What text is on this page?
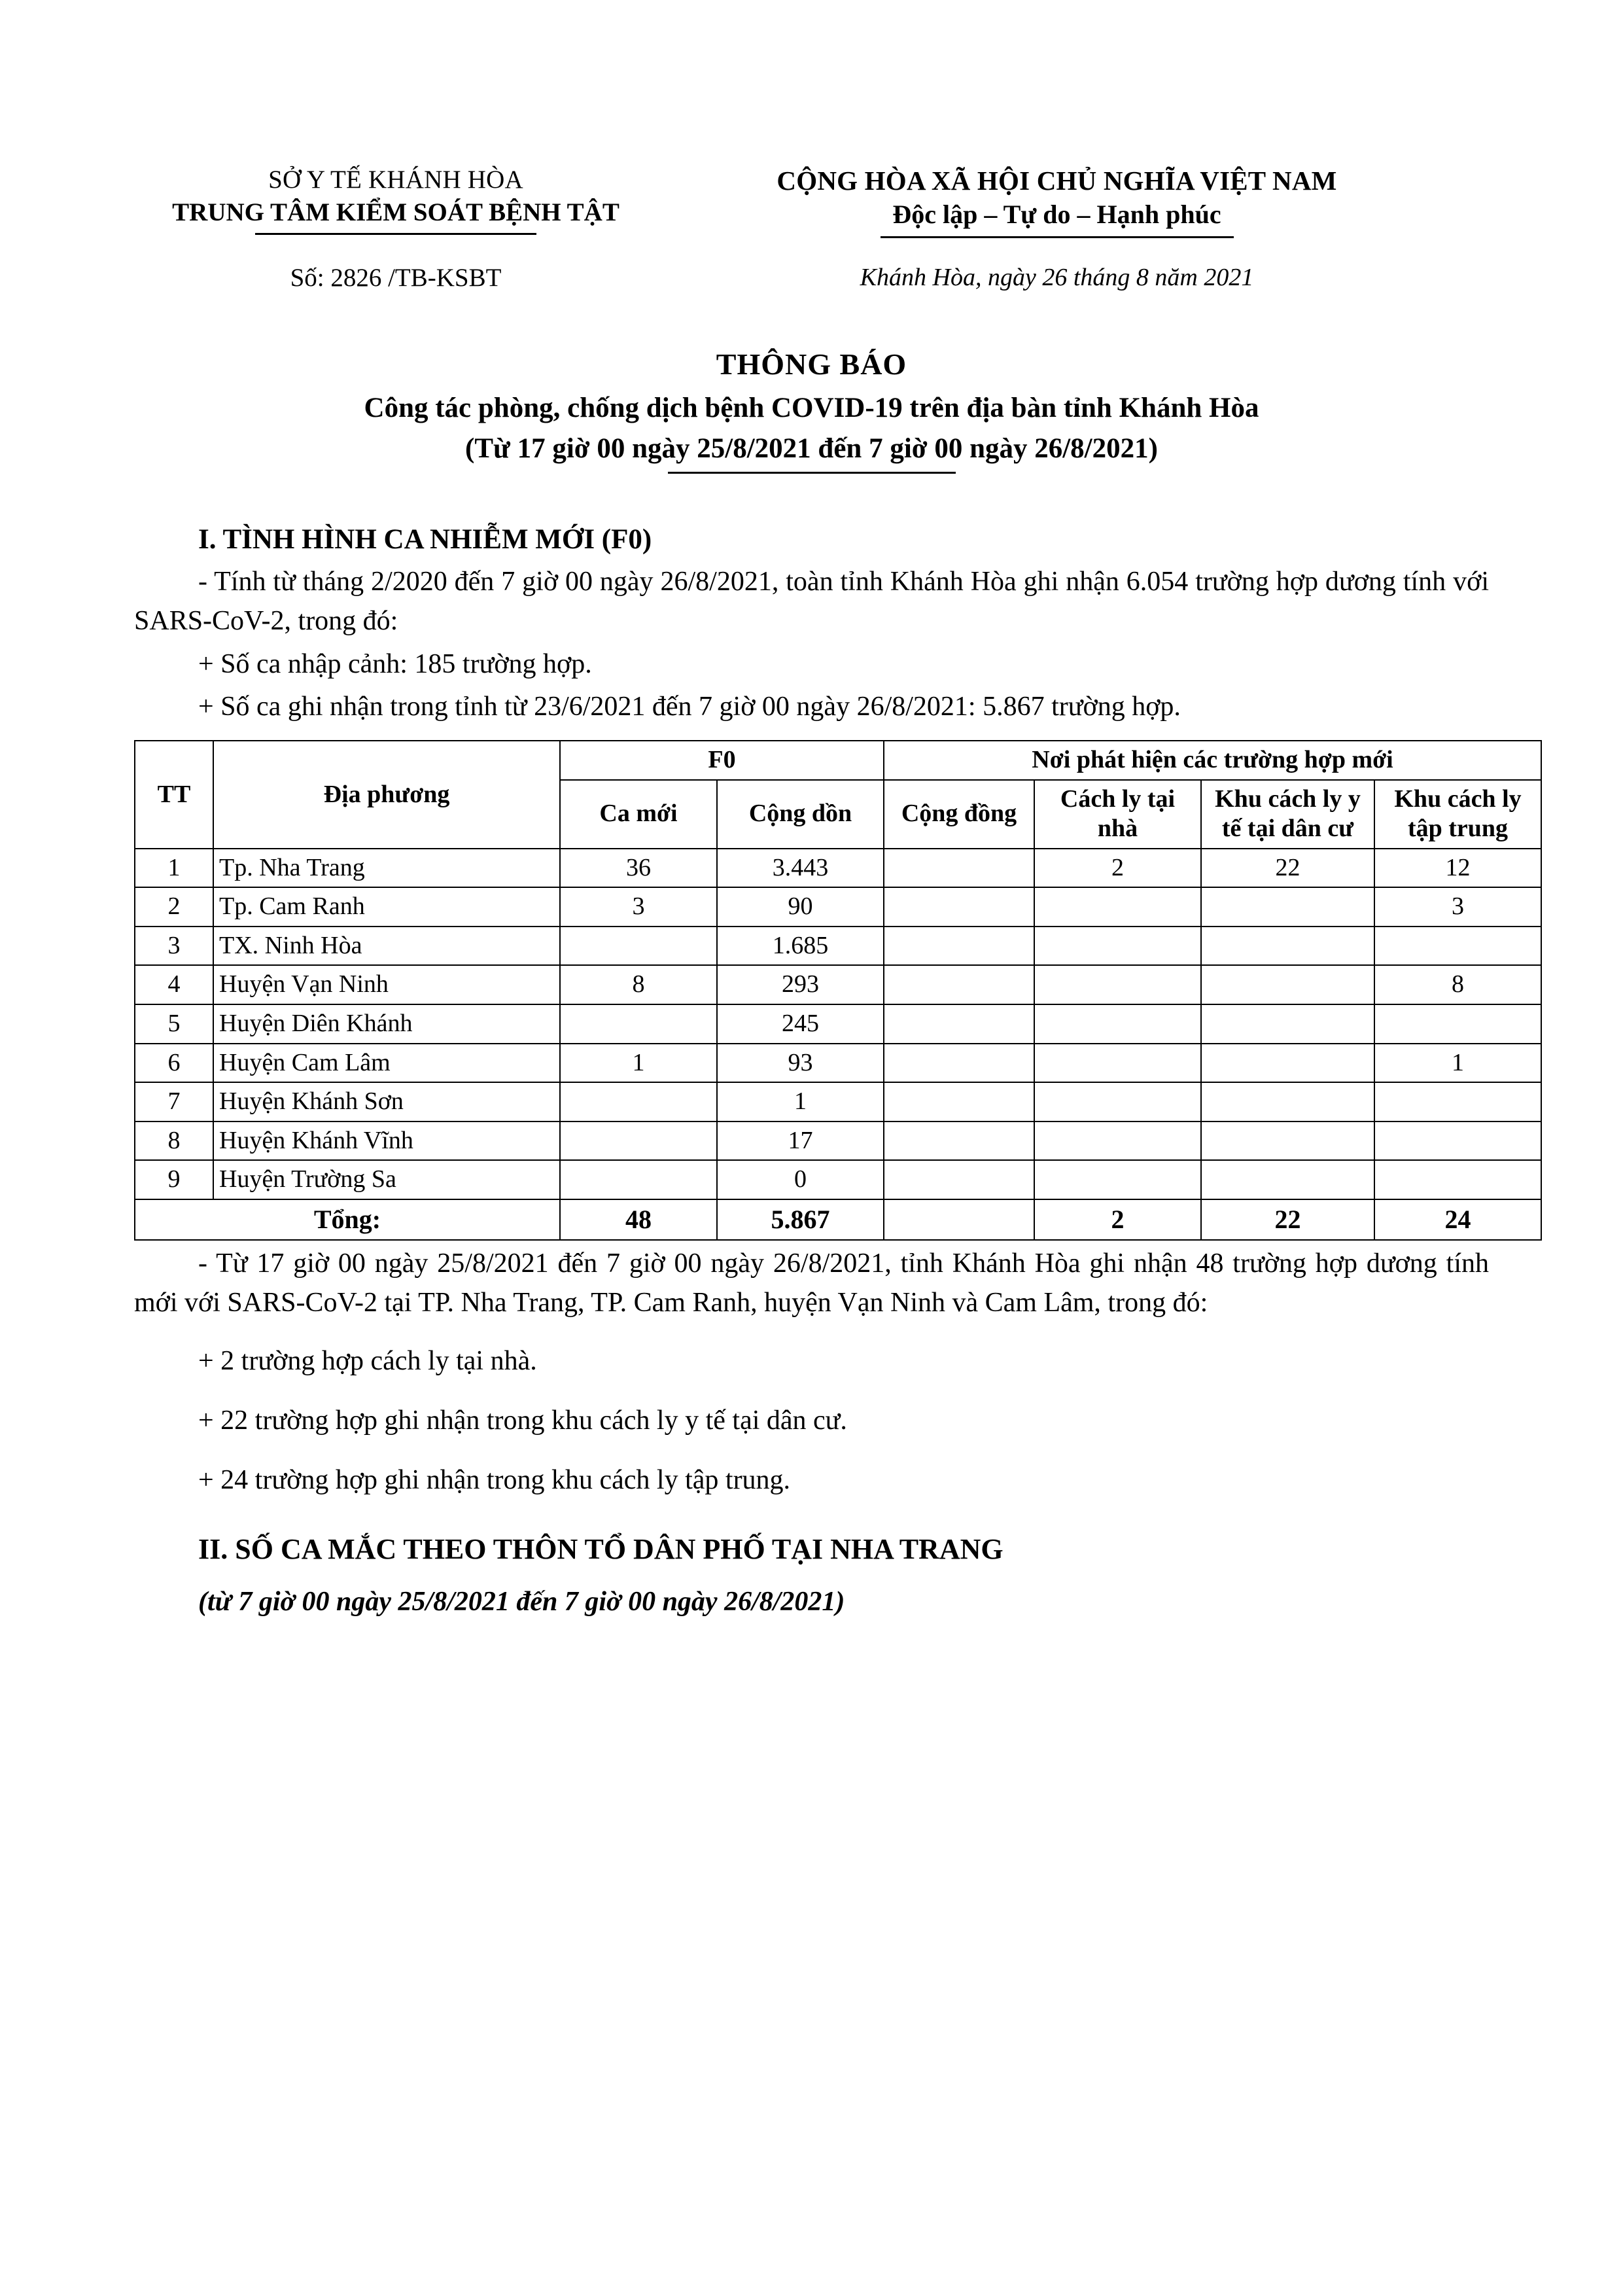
SỞ Y TẾ KHÁNH HÒA
TRUNG TÂM KIỂM SOÁT BỆNH TẬT
CỘNG HÒA XÃ HỘI CHỦ NGHĨA VIỆT NAM
Độc lập – Tự do – Hạnh phúc
Số: 2826 /TB-KSBT	Khánh Hòa, ngày 26 tháng 8 năm 2021
THÔNG BÁO
Công tác phòng, chống dịch bệnh COVID-19 trên địa bàn tỉnh Khánh Hòa
(Từ 17 giờ 00 ngày 25/8/2021 đến 7 giờ 00 ngày 26/8/2021)
I. TÌNH HÌNH CA NHIỄM MỚI (F0)

- Tính từ tháng 2/2020 đến 7 giờ 00 ngày 26/8/2021, toàn tỉnh Khánh Hòa ghi nhận 6.054 trường hợp dương tính với SARS-CoV-2, trong đó:

+ Số ca nhập cảnh: 185 trường hợp.

+ Số ca ghi nhận trong tỉnh từ 23/6/2021 đến 7 giờ 00 ngày 26/8/2021: 5.867 trường hợp.

TT	Địa phương	F0		Nơi phát hiện các trường hợp mới			
		Ca mới	Cộng dồn	Cộng đồng	Cách ly tại nhà	Khu cách ly y tế tại dân cư	Khu cách ly tập trung
1	Tp. Nha Trang	36	3.443		2	22	12
2	Tp. Cam Ranh	3	90				3
3	TX. Ninh Hòa		1.685				
4	Huyện Vạn Ninh	8	293				8
5	Huyện Diên Khánh		245				
6	Huyện Cam Lâm	1	93				1
7	Huyện Khánh Sơn		1				
8	Huyện Khánh Vĩnh		17				
9	Huyện Trường Sa		0				
Tổng:		48	5.867		2	22	24

- Từ 17 giờ 00 ngày 25/8/2021 đến 7 giờ 00 ngày 26/8/2021, tỉnh Khánh Hòa ghi nhận 48 trường hợp dương tính mới với SARS-CoV-2 tại TP. Nha Trang, TP. Cam Ranh, huyện Vạn Ninh và Cam Lâm, trong đó:

+ 2 trường hợp cách ly tại nhà.
+ 22 trường hợp ghi nhận trong khu cách ly y tế tại dân cư.
+ 24 trường hợp ghi nhận trong khu cách ly tập trung.
II. SỐ CA MẮC THEO THÔN TỔ DÂN PHỐ TẠI NHA TRANG
(từ 7 giờ 00 ngày 25/8/2021 đến 7 giờ 00 ngày 26/8/2021)
